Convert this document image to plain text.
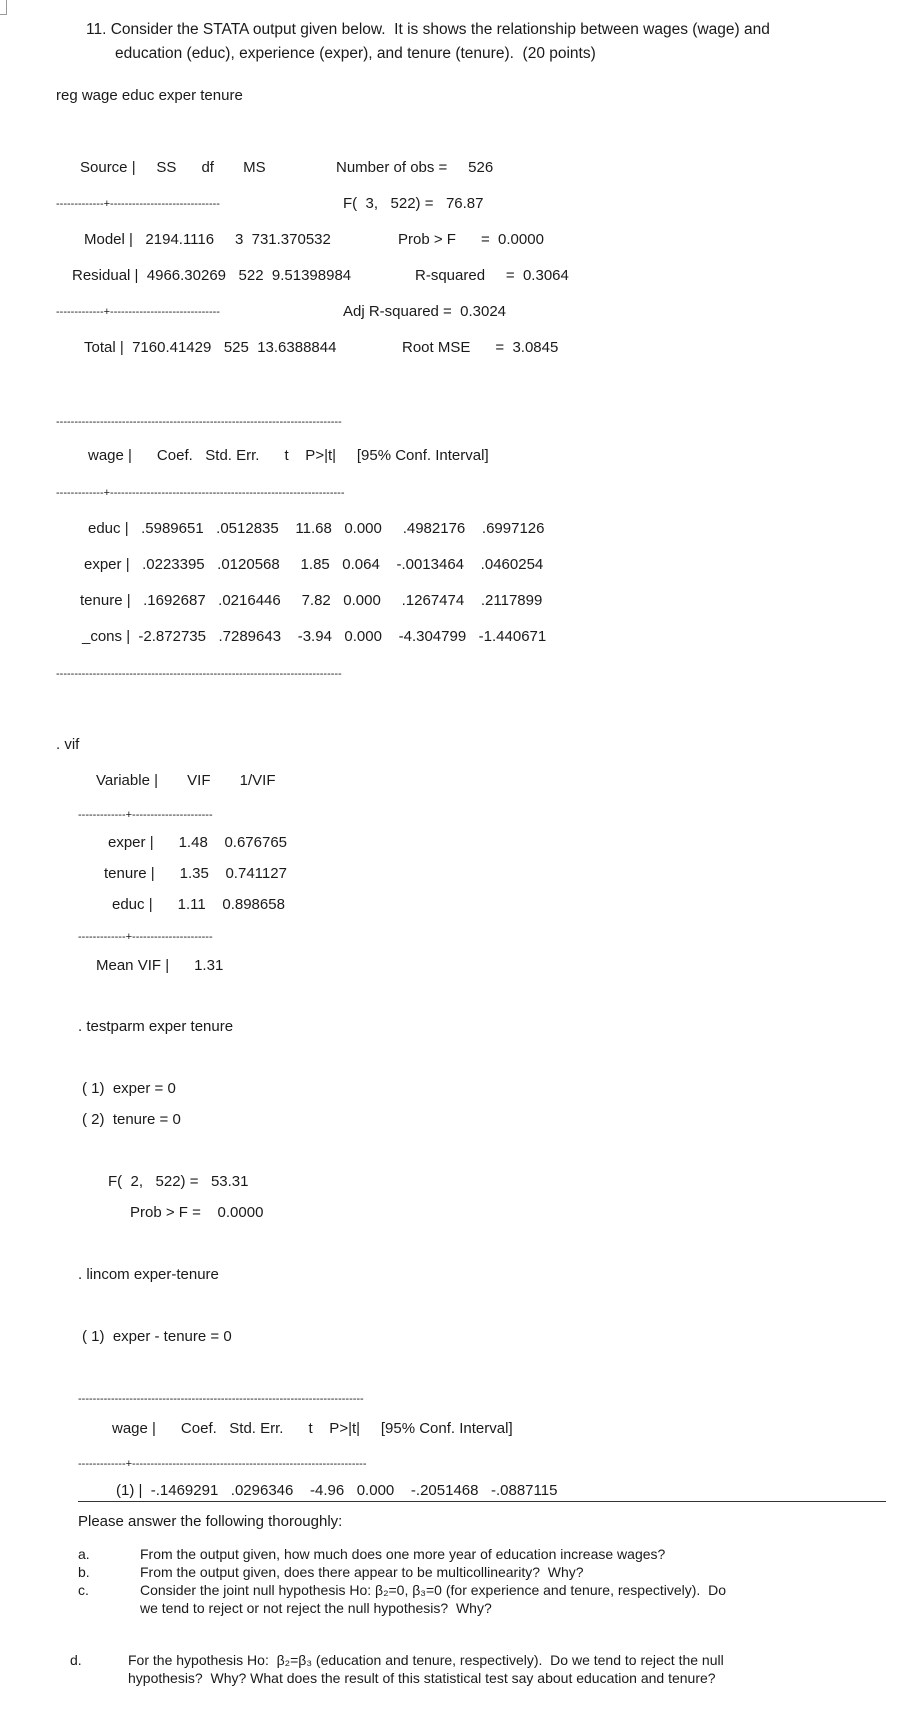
11. Consider the STATA output given below.  It is shows the relationship between wages (wage) and
education (educ), experience (exper), and tenure (tenure).  (20 points)
reg wage educ exper tenure
Source |     SS      df       MS	Number of obs =     526
-------------+------------------------------	F(  3,   522) =   76.87
Model |   2194.1116     3  731.370532	Prob > F      =  0.0000
Residual |  4966.30269   522  9.51398984	R-squared     =  0.3064
-------------+------------------------------	Adj R-squared =  0.3024
Total |  7160.41429   525  13.6388844	Root MSE      =  3.0845
------------------------------------------------------------------------------
wage |      Coef.   Std. Err.      t    P>|t|     [95% Conf. Interval]
-------------+----------------------------------------------------------------
educ |   .5989651   .0512835    11.68   0.000     .4982176    .6997126
exper |   .0223395   .0120568     1.85   0.064    -.0013464    .0460254
tenure |   .1692687   .0216446     7.82   0.000     .1267474    .2117899
_cons |  -2.872735   .7289643    -3.94   0.000    -4.304799   -1.440671
------------------------------------------------------------------------------
. vif
Variable |       VIF       1/VIF
-------------+----------------------
exper |      1.48    0.676765
tenure |      1.35    0.741127
educ |      1.11    0.898658
-------------+----------------------
Mean VIF |      1.31
. testparm exper tenure
( 1)  exper = 0
( 2)  tenure = 0
F(  2,   522) =   53.31
Prob > F =    0.0000
. lincom exper-tenure
( 1)  exper - tenure = 0
------------------------------------------------------------------------------
wage |      Coef.   Std. Err.      t    P>|t|     [95% Conf. Interval]
-------------+----------------------------------------------------------------
(1) |  -.1469291   .0296346    -4.96   0.000    -.2051468   -.0887115
Please answer the following thoroughly:
a.	From the output given, how much does one more year of education increase wages?
b.	From the output given, does there appear to be multicollinearity?  Why?
c.	Consider the joint null hypothesis Ho: β₂=0, β₃=0 (for experience and tenure, respectively).  Do
we tend to reject or not reject the null hypothesis?  Why?
d.	For the hypothesis Ho:  β₂=β₃ (education and tenure, respectively).  Do we tend to reject the null
hypothesis?  Why? What does the result of this statistical test say about education and tenure?
